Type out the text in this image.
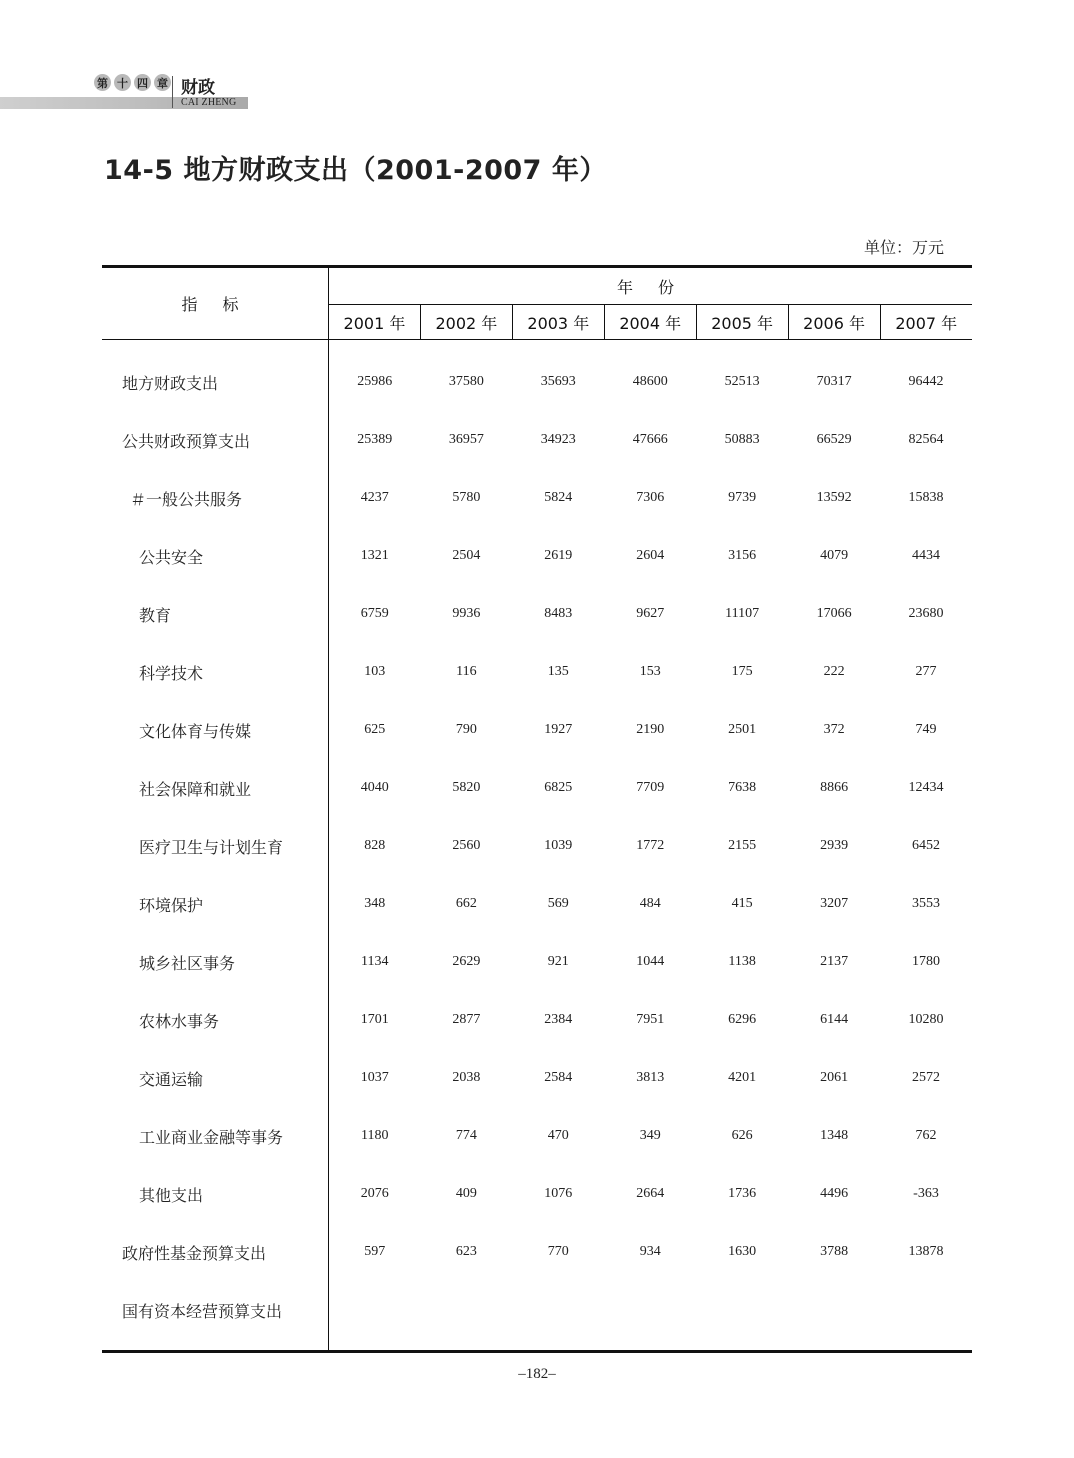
第 十 四 章 财政
CAI ZHENG
14-5 地方财政支出（2001-2007 年）
单位：万元
指 标	年 份						
	2001 年	2002 年	2003 年	2004 年	2005 年	2006 年	2007 年
地方财政支出	25986	37580	35693	48600	52513	70317	96442
公共财政预算支出	25389	36957	34923	47666	50883	66529	82564
＃一般公共服务	4237	5780	5824	7306	9739	13592	15838
公共安全	1321	2504	2619	2604	3156	4079	4434
教育	6759	9936	8483	9627	11107	17066	23680
科学技术	103	116	135	153	175	222	277
文化体育与传媒	625	790	1927	2190	2501	372	749
社会保障和就业	4040	5820	6825	7709	7638	8866	12434
医疗卫生与计划生育	828	2560	1039	1772	2155	2939	6452
环境保护	348	662	569	484	415	3207	3553
城乡社区事务	1134	2629	921	1044	1138	2137	1780
农林水事务	1701	2877	2384	7951	6296	6144	10280
交通运输	1037	2038	2584	3813	4201	2061	2572
工业商业金融等事务	1180	774	470	349	626	1348	762
其他支出	2076	409	1076	2664	1736	4496	-363
政府性基金预算支出	597	623	770	934	1630	3788	13878
国有资本经营预算支出							
–182–
